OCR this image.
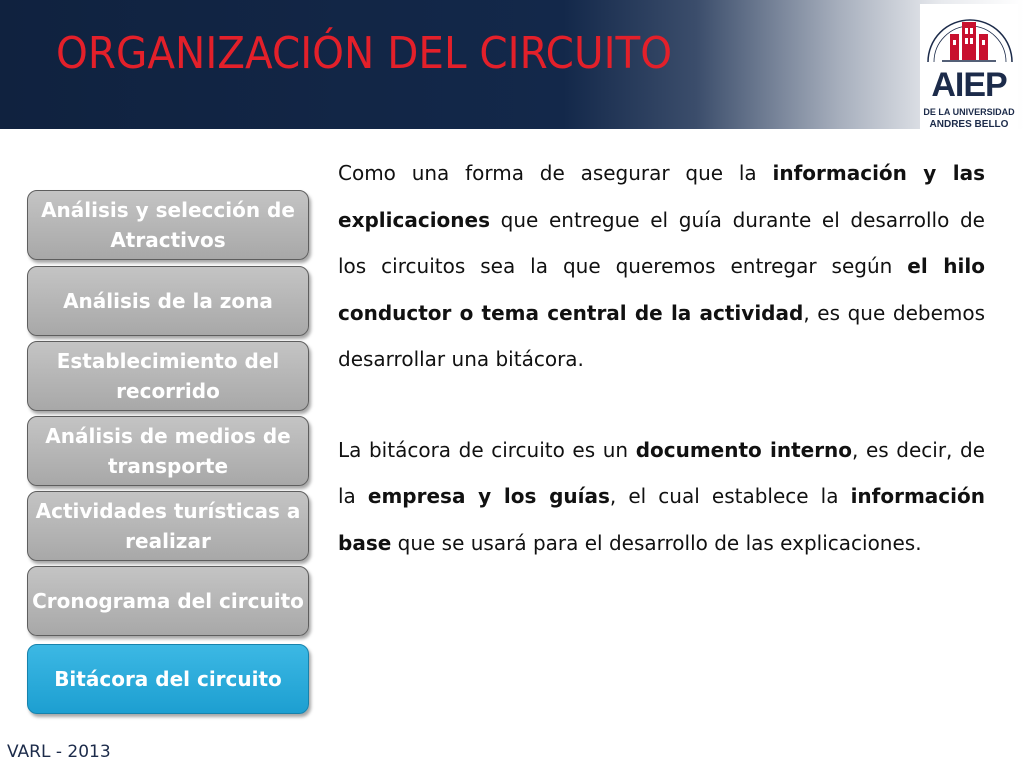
ORGANIZACIÓN DEL CIRCUITO
AIEP
DE LA UNIVERSIDAD
ANDRES BELLO
Análisis y selección de Atractivos
Análisis de la zona
Establecimiento del recorrido
Análisis de medios de transporte
Actividades turísticas a realizar
Cronograma del circuito
Bitácora del circuito

Como una forma de asegurar que la información y las explicaciones que entregue el guía durante el desarrollo de los circuitos sea la que queremos entregar según el hilo conductor o tema central de la actividad, es que debemos desarrollar una bitácora.

La bitácora de circuito es un documento interno, es decir, de la empresa y los guías, el cual establece la información base que se usará para el desarrollo de las explicaciones.

VARL - 2013
